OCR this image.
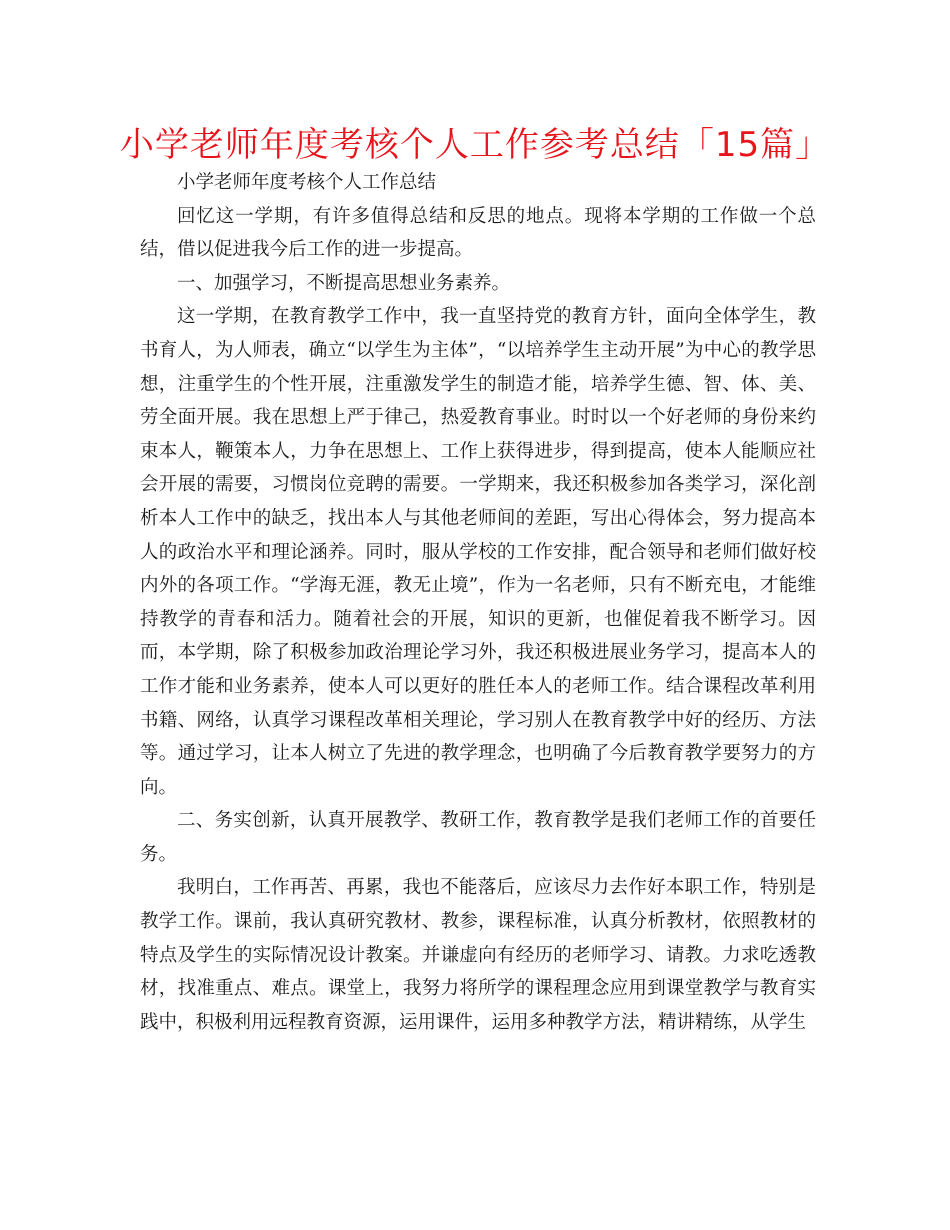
小学老师年度考核个人工作参考总结「15篇」

小学老师年度考核个人工作总结

回忆这一学期，有许多值得总结和反思的地点。现将本学期的工作做一个总结，借以促进我今后工作的进一步提高。

一、加强学习，不断提高思想业务素养。

这一学期，在教育教学工作中，我一直坚持党的教育方针，面向全体学生，教书育人，为人师表，确立“以学生为主体”，“以培养学生主动开展”为中心的教学思想，注重学生的个性开展，注重激发学生的制造才能，培养学生德、智、体、美、劳全面开展。我在思想上严于律己，热爱教育事业。时时以一个好老师的身份来约束本人，鞭策本人，力争在思想上、工作上获得进步，得到提高，使本人能顺应社会开展的需要，习惯岗位竞聘的需要。一学期来，我还积极参加各类学习，深化剖析本人工作中的缺乏，找出本人与其他老师间的差距，写出心得体会，努力提高本人的政治水平和理论涵养。同时，服从学校的工作安排，配合领导和老师们做好校内外的各项工作。“学海无涯，教无止境”，作为一名老师，只有不断充电，才能维持教学的青春和活力。随着社会的开展，知识的更新，也催促着我不断学习。因而，本学期，除了积极参加政治理论学习外，我还积极进展业务学习，提高本人的工作才能和业务素养，使本人可以更好的胜任本人的老师工作。结合课程改革利用书籍、网络，认真学习课程改革相关理论，学习别人在教育教学中好的经历、方法等。通过学习，让本人树立了先进的教学理念，也明确了今后教育教学要努力的方向。

二、务实创新，认真开展教学、教研工作，教育教学是我们老师工作的首要任务。

我明白，工作再苦、再累，我也不能落后，应该尽力去作好本职工作，特别是教学工作。课前，我认真研究教材、教参，课程标准，认真分析教材，依照教材的特点及学生的实际情况设计教案。并谦虚向有经历的老师学习、请教。力求吃透教材，找准重点、难点。课堂上，我努力将所学的课程理念应用到课堂教学与教育实践中，积极利用远程教育资源，运用课件，运用多种教学方法，精讲精练，从学生
